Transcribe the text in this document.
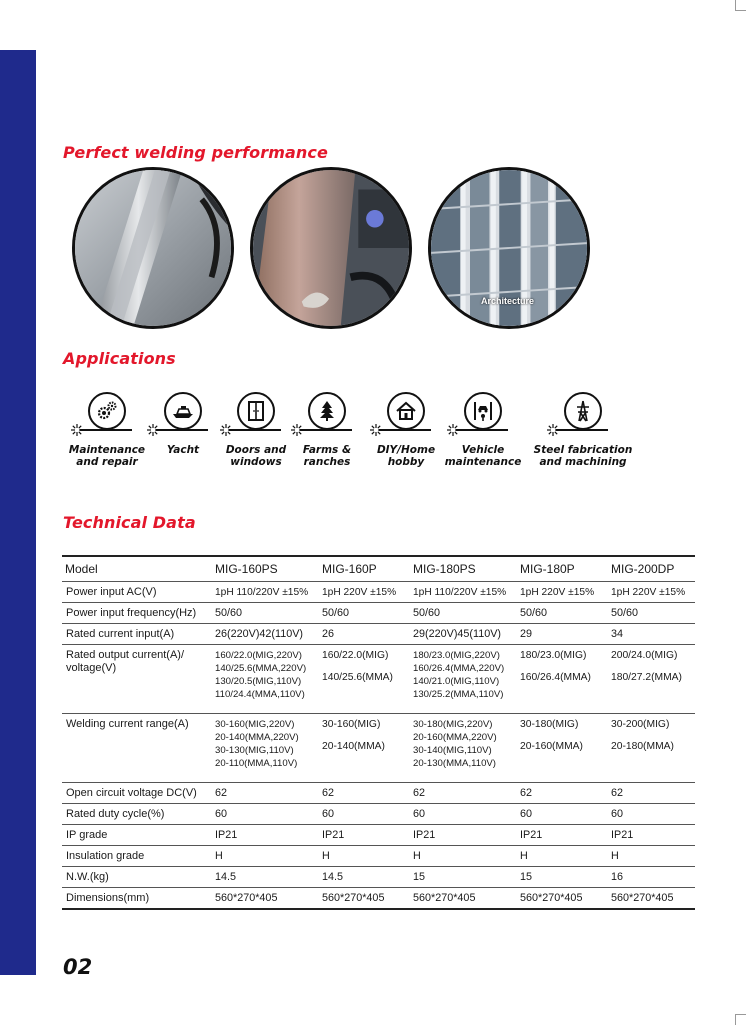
Perfect welding performance
Architecture
Applications
Maintenance
and repair
Yacht	Doors and
windows
Farms &
ranches
DIY/Home
hobby
Vehicle
maintenance
Steel fabrication
and machining
Technical Data
Model	MIG-160PS	MIG-160P	MIG-180PS	MIG-180P	MIG-200DP
Power input AC(V)	1pH 110/220V ±15%	1pH 220V ±15%	1pH 110/220V ±15%	1pH 220V ±15%	1pH 220V ±15%
Power input frequency(Hz)	50/60	50/60	50/60	50/60	50/60
Rated current input(A)	26(220V)42(110V)	26	29(220V)45(110V)	29	34
Rated output current(A)/
voltage(V)	160/22.0(MIG,220V)
140/25.6(MMA,220V)
130/20.5(MIG,110V)
110/24.4(MMA,110V)	160/22.0(MIG)
140/25.6(MMA)	180/23.0(MIG,220V)
160/26.4(MMA,220V)
140/21.0(MIG,110V)
130/25.2(MMA,110V)	180/23.0(MIG)
160/26.4(MMA)	200/24.0(MIG)
180/27.2(MMA)

Welding current range(A)	30-160(MIG,220V)
20-140(MMA,220V)
30-130(MIG,110V)
20-110(MMA,110V)	30-160(MIG)
20-140(MMA)	30-180(MIG,220V)
20-160(MMA,220V)
30-140(MIG,110V)
20-130(MMA,110V)	30-180(MIG)
20-160(MMA)	30-200(MIG)
20-180(MMA)

Open circuit voltage DC(V)	62	62	62	62	62
Rated duty cycle(%)	60	60	60	60	60
IP grade	IP21	IP21	IP21	IP21	IP21
Insulation grade	H	H	H	H	H
N.W.(kg)	14.5	14.5	15	15	16
Dimensions(mm)	560*270*405	560*270*405	560*270*405	560*270*405	560*270*405

02
